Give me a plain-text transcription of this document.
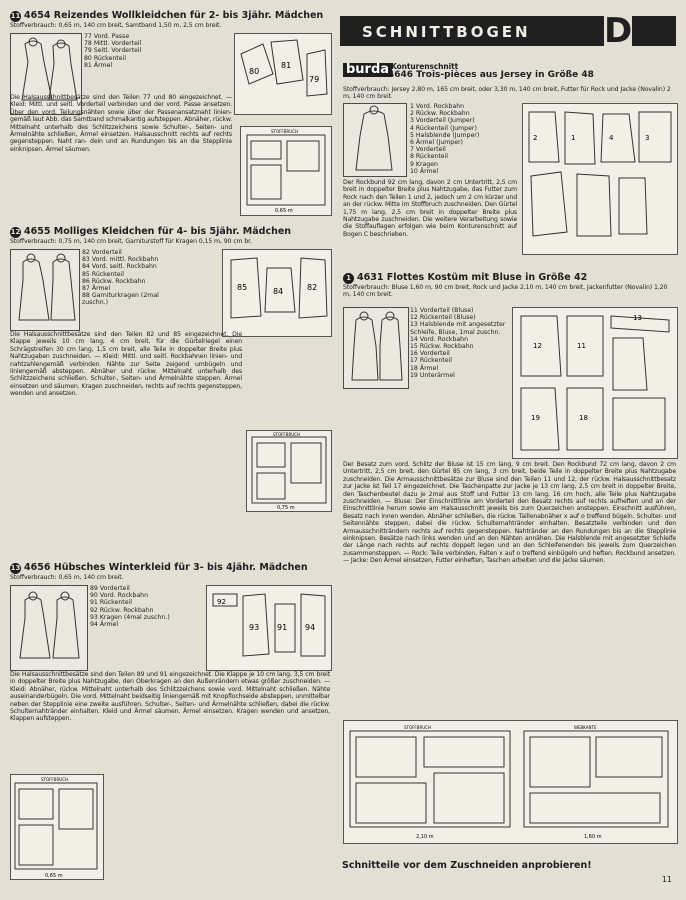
11 4654 Reizendes Wollkleidchen für 2- bis 3jähr. Mädchen
Stoffverbrauch: 0,65 m, 140 cm breit, Samtband 1,50 m, 2,5 cm breit.
77 Vord. Passe
78 Mittl. Vorderteil
79 Seitl. Vorderteil
80 Rückenteil
81 Ärmel
80
81
79
Die Halsausschnittbesätze sind den Teilen 77 und 80 eingezeichnet. — Kleid: Mittl. und seitl. Vorderteil verbinden und der vord. Passe ansetzen. Über den vord. Teilungsnähten sowie über der Passenansatznaht liniengemäß laut Abb. das Samtband schmalkantig aufsteppen. Abnäher, rückw. Mittelnaht unterhalb des Schlitzzeichens sowie Schulter-, Seiten- und Ärmelnähte schließen, Ärmel einsetzen. Halsausschnitt rechts auf rechts gegensteppen. Naht ran- dein und an Rundungen bis an die Stepplinie einknipsen. Ärmel säumen.
STOFFBRUCH
0,65 m
12 4655 Molliges Kleidchen für 4- bis 5jähr. Mädchen
Stoffverbrauch: 0,75 m, 140 cm breit, Garniturstoff für Kragen 0,15 m, 90 cm br.
82 Vorderteil
83 Vord. mittl. Rockbahn
84 Vord. seitl. Rockbahn
85 Rückenteil
86 Rückw. Rockbahn
87 Ärmel
88 Garniturkragen (2mal zuschn.)
85	84	82
Die Halsausschnittbesätze sind den Teilen 82 und 85 eingezeichnet. Die Klappe jeweils 10 cm lang, 4 cm breit, für die Gürtelriegel einen Schrägstreifen 30 cm lang, 1,5 cm breit, alle Teile in doppelter Breite plus Nahtzugaben zuschneiden. — Kleid: Mittl. und seitl. Rockbahnen linien- und nahtzahlengemäß verbinden. Nähte zur Seite zeigend umbügeln und liniengemäß absteppen. Abnäher und rückw. Mittelnaht unterhalb des Schlitzzeichens schließen. Schulter-, Seiten- und Ärmelnähte steppen. Ärmel einsetzen und säumen. Kragen zuschneiden, rechts auf rechts gegensteppen, wenden und ansetzen.
STOFFBRUCH
0,75 m
13 4656 Hübsches Winterkleid für 3- bis 4jähr. Mädchen
Stoffverbrauch: 0,65 m, 140 cm breit.
89 Vorderteil
90 Vord. Rockbahn
91 Rückenteil
92 Rückw. Rockbahn
93 Kragen (4mal zuschn.)
94 Ärmel
92
93 91 94
Die Halsausschnittbesätze sind den Teilen 89 und 91 eingezeichnet. Die Klappe je 10 cm lang, 3,5 cm breit in doppelter Breite plus Nahtzugabe, den Oberkragen an den Außenrändern etwas größer zuschneiden. — Kleid: Abnäher, rückw. Mittelnaht unterhalb des Schlitzzeichens sowie vord. Mittelnaht schließen. Nähte auseinanderbügeln. Die vord. Mittelnaht beidseitig liniengemäß mit Knopflochseide absteppen, unmittelbar neben der Stepplinie eine zweite ausführen. Schulter-, Seiten- und Ärmelnähte schließen, dabei die rückw. Schulternahtränder einhalten. Kleid und Ärmel säumen. Ärmel einsetzen. Kragen wenden und ansetzen, Klappen aufsteppen.
STOFFBRUCH
0,65 m
SCHNITTBOGEN D
burda
-Konturenschnitt
4646 Trois-pièces aus Jersey in Größe 48
Stoffverbrauch: Jersey 2,80 m, 165 cm breit, oder 3,30 m, 140 cm breit, Futter für Rock und Jacke (Novalin) 2 m, 140 cm breit.
1 Vord. Rockbahn
2 Rückw. Rockbahn
3 Vorderteil (Jumper)
4 Rückenteil (Jumper)
5 Halsblende (Jumper)
6 Ärmel (Jumper)
7 Vorderteil
8 Rückenteil
9 Kragen
10 Ärmel
2	1	4	3
Der Rockbund 92 cm lang, davon 2 cm Untertritt, 2,5 cm breit in doppelter Breite plus Nahtzugabe, das Futter zum Rock nach den Teilen 1 und 2, jedoch um 2 cm kürzer und an der rückw. Mitte im Stoffbruch zuschneiden. Den Gürtel 1,75 m lang, 2,5 cm breit in doppelter Breite plus Nahtzugabe zuschneiden. Die weitere Verarbeitung sowie die Stoffauflagen erfolgen wie beim Konturenschnitt auf Bogen C beschrieben.
1 4631 Flottes Kostüm mit Bluse in Größe 42
Stoffverbrauch: Bluse 1,60 m, 90 cm breit, Rock und Jacke 2,10 m, 140 cm breit, Jackenfutter (Novalin) 1,20 m, 140 cm breit.
11 Vorderteil (Bluse)
12 Rückenteil (Bluse)
13 Halsblende mit angesetzter Schleife, Bluse, 1mal zuschn.
14 Vord. Rockbahn
15 Rückw. Rockbahn
16 Vorderteil
17 Rückenteil
18 Ärmel
19 Unterärmel
12	11
13
19	18
Der Besatz zum vord. Schlitz der Bluse ist 15 cm lang, 9 cm breit. Den Rockbund 72 cm lang, davon 2 cm Untertritt, 2,5 cm breit, den Gürtel 85 cm lang, 3 cm breit, beide Teile in doppelter Breite plus Nahtzugabe zuschneiden. Die Armausschnittbesätze zur Bluse sind den Teilen 11 und 12, der rückw. Halsausschnittbesatz zur Jacke ist Teil 17 eingezeichnet. Die Taschenpatte zur Jacke je 13 cm lang, 2,5 cm breit in doppelter Breite, den Taschenbeutel dazu je 2mal aus Stoff und Futter 13 cm lang, 16 cm hoch, alle Teile plus Nahtzugabe zuschneiden. — Bluse: Der Einschnittlinie am Vorderteil den Besatz rechts auf rechts aufheften und an der Einschnittlinie herum sowie am Halsausschnitt jeweils bis zum Querzeichen ansteppen. Einschnitt ausführen, Besatz nach innen wenden. Abnäher schließen, die rückw. Taillenabnäher x auf o treffend bügeln. Schulter- und Seitennähte steppen, dabei die rückw. Schulternahtränder einhalten. Besatzteile verbinden und den Armausschnitträndern rechts auf rechts gegensteppen. Nahtränder an den Rundungen bis an die Stepplinie einknipsen. Besätze nach links wenden und an den Nähten annähen. Die Halsblende mit angesetzter Schleife der Länge nach rechts auf rechts doppelt legen und an den Schleifenenden bis jeweils zum Querzeichen zusammensteppen. — Rock: Teile verbinden, Falten x auf o treffend einbügeln und heften. Rockbund ansetzen. — Jacke: Den Ärmel einsetzen, Futter einheften, Taschen arbeiten und die Jacke säumen.
STOFFBRUCH	WEBKANTE
2,10 m	1,60 m
Schnitteile vor dem Zuschneiden anprobieren!
11
